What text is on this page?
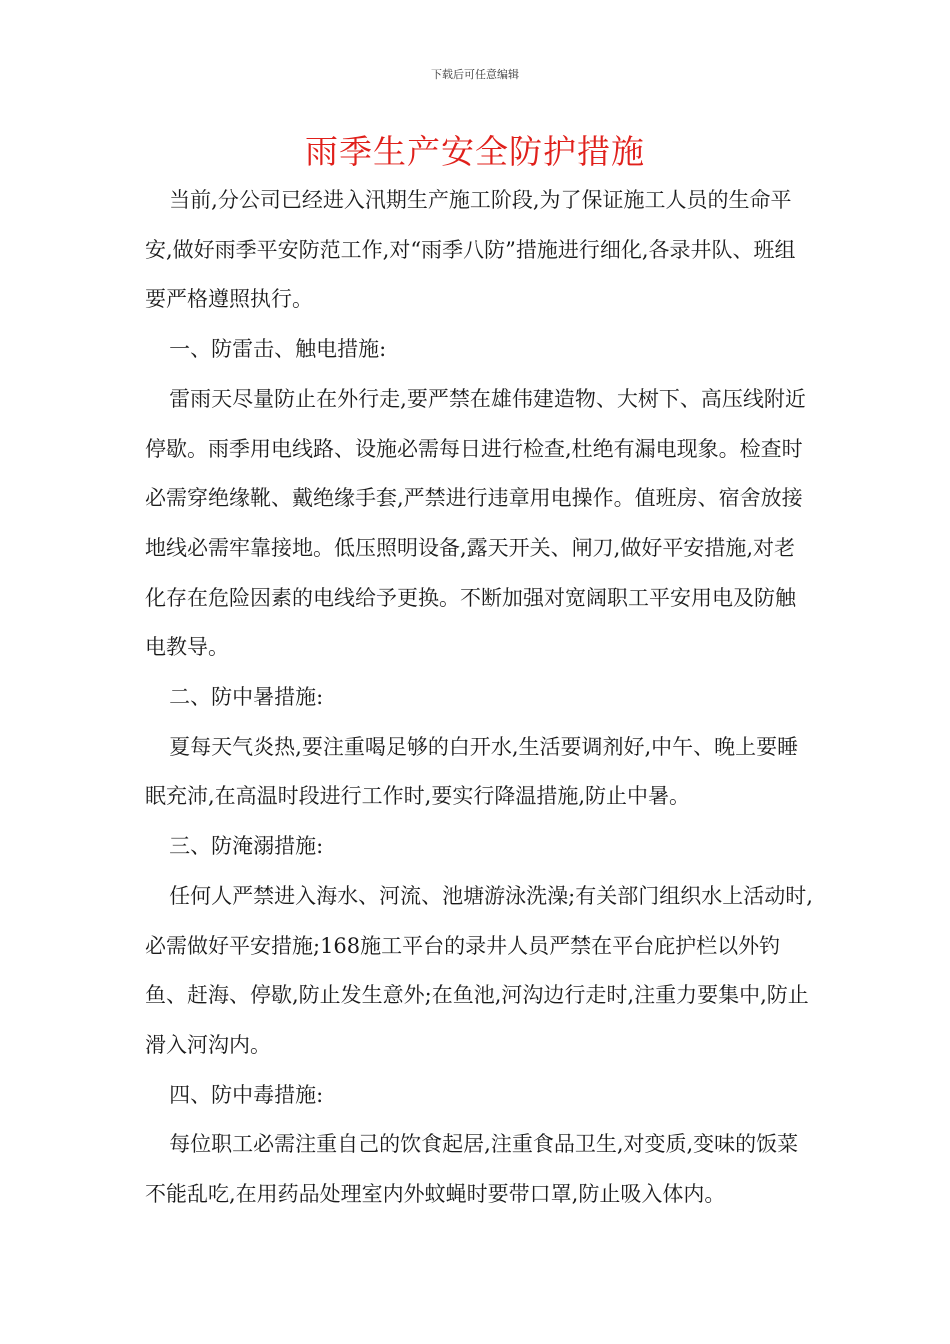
下载后可任意编辑
雨季生产安全防护措施

当前,分公司已经进入汛期生产施工阶段,为了保证施工人员的生命平安,做好雨季平安防范工作,对“雨季八防”措施进行细化,各录井队、班组要严格遵照执行。

一、防雷击、触电措施:

雷雨天尽量防止在外行走,要严禁在雄伟建造物、大树下、高压线附近停歇。雨季用电线路、设施必需每日进行检查,杜绝有漏电现象。检查时必需穿绝缘靴、戴绝缘手套,严禁进行违章用电操作。值班房、宿舍放接地线必需牢靠接地。低压照明设备,露天开关、闸刀,做好平安措施,对老化存在危险因素的电线给予更换。不断加强对宽阔职工平安用电及防触电教导。

二、防中暑措施:

夏每天气炎热,要注重喝足够的白开水,生活要调剂好,中午、晚上要睡眠充沛,在高温时段进行工作时,要实行降温措施,防止中暑。

三、防淹溺措施:

任何人严禁进入海水、河流、池塘游泳洗澡;有关部门组织水上活动时,必需做好平安措施;168施工平台的录井人员严禁在平台庇护栏以外钓鱼、赶海、停歇,防止发生意外;在鱼池,河沟边行走时,注重力要集中,防止滑入河沟内。

四、防中毒措施:

每位职工必需注重自己的饮食起居,注重食品卫生,对变质,变味的饭菜不能乱吃,在用药品处理室内外蚊蝇时要带口罩,防止吸入体内。
